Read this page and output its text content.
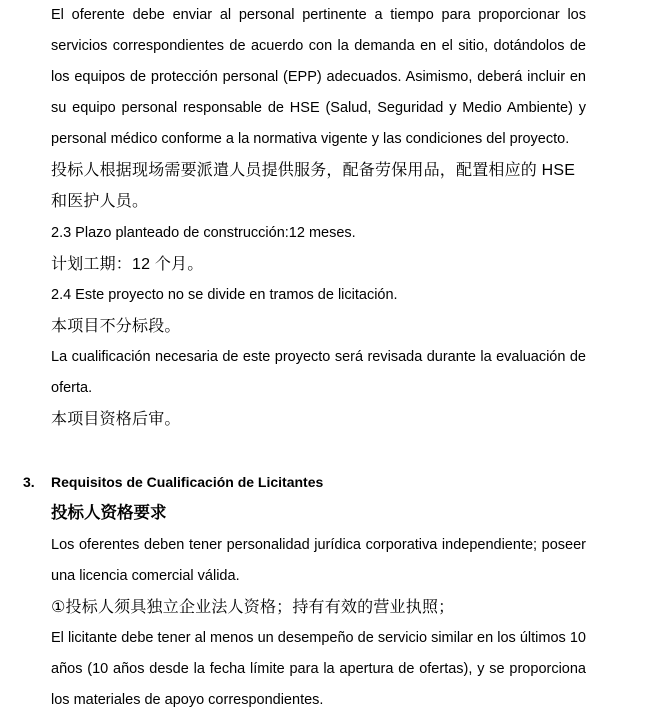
El oferente debe enviar al personal pertinente a tiempo para proporcionar los servicios correspondientes de acuerdo con la demanda en el sitio, dotándolos de los equipos de protección personal (EPP) adecuados. Asimismo, deberá incluir en su equipo personal responsable de HSE (Salud, Seguridad y Medio Ambiente) y personal médico conforme a la normativa vigente y las condiciones del proyecto.

投标人根据现场需要派遣人员提供服务，配备劳保用品，配置相应的 HSE 和医护人员。

2.3 Plazo planteado de construcción:12 meses.

计划工期：12 个月。

2.4 Este proyecto no se divide en tramos de licitación.

本项目不分标段。

La cualificación necesaria de este proyecto será revisada durante la evaluación de oferta.

本项目资格后审。

3. Requisitos de Cualificación de Licitantes
投标人资格要求

Los oferentes deben tener personalidad jurídica corporativa independiente; poseer una licencia comercial válida.

①投标人须具独立企业法人资格；持有有效的营业执照；

El licitante debe tener al menos un desempeño de servicio similar en los últimos 10 años (10 años desde la fecha límite para la apertura de ofertas), y se proporciona los materiales de apoyo correspondientes.
